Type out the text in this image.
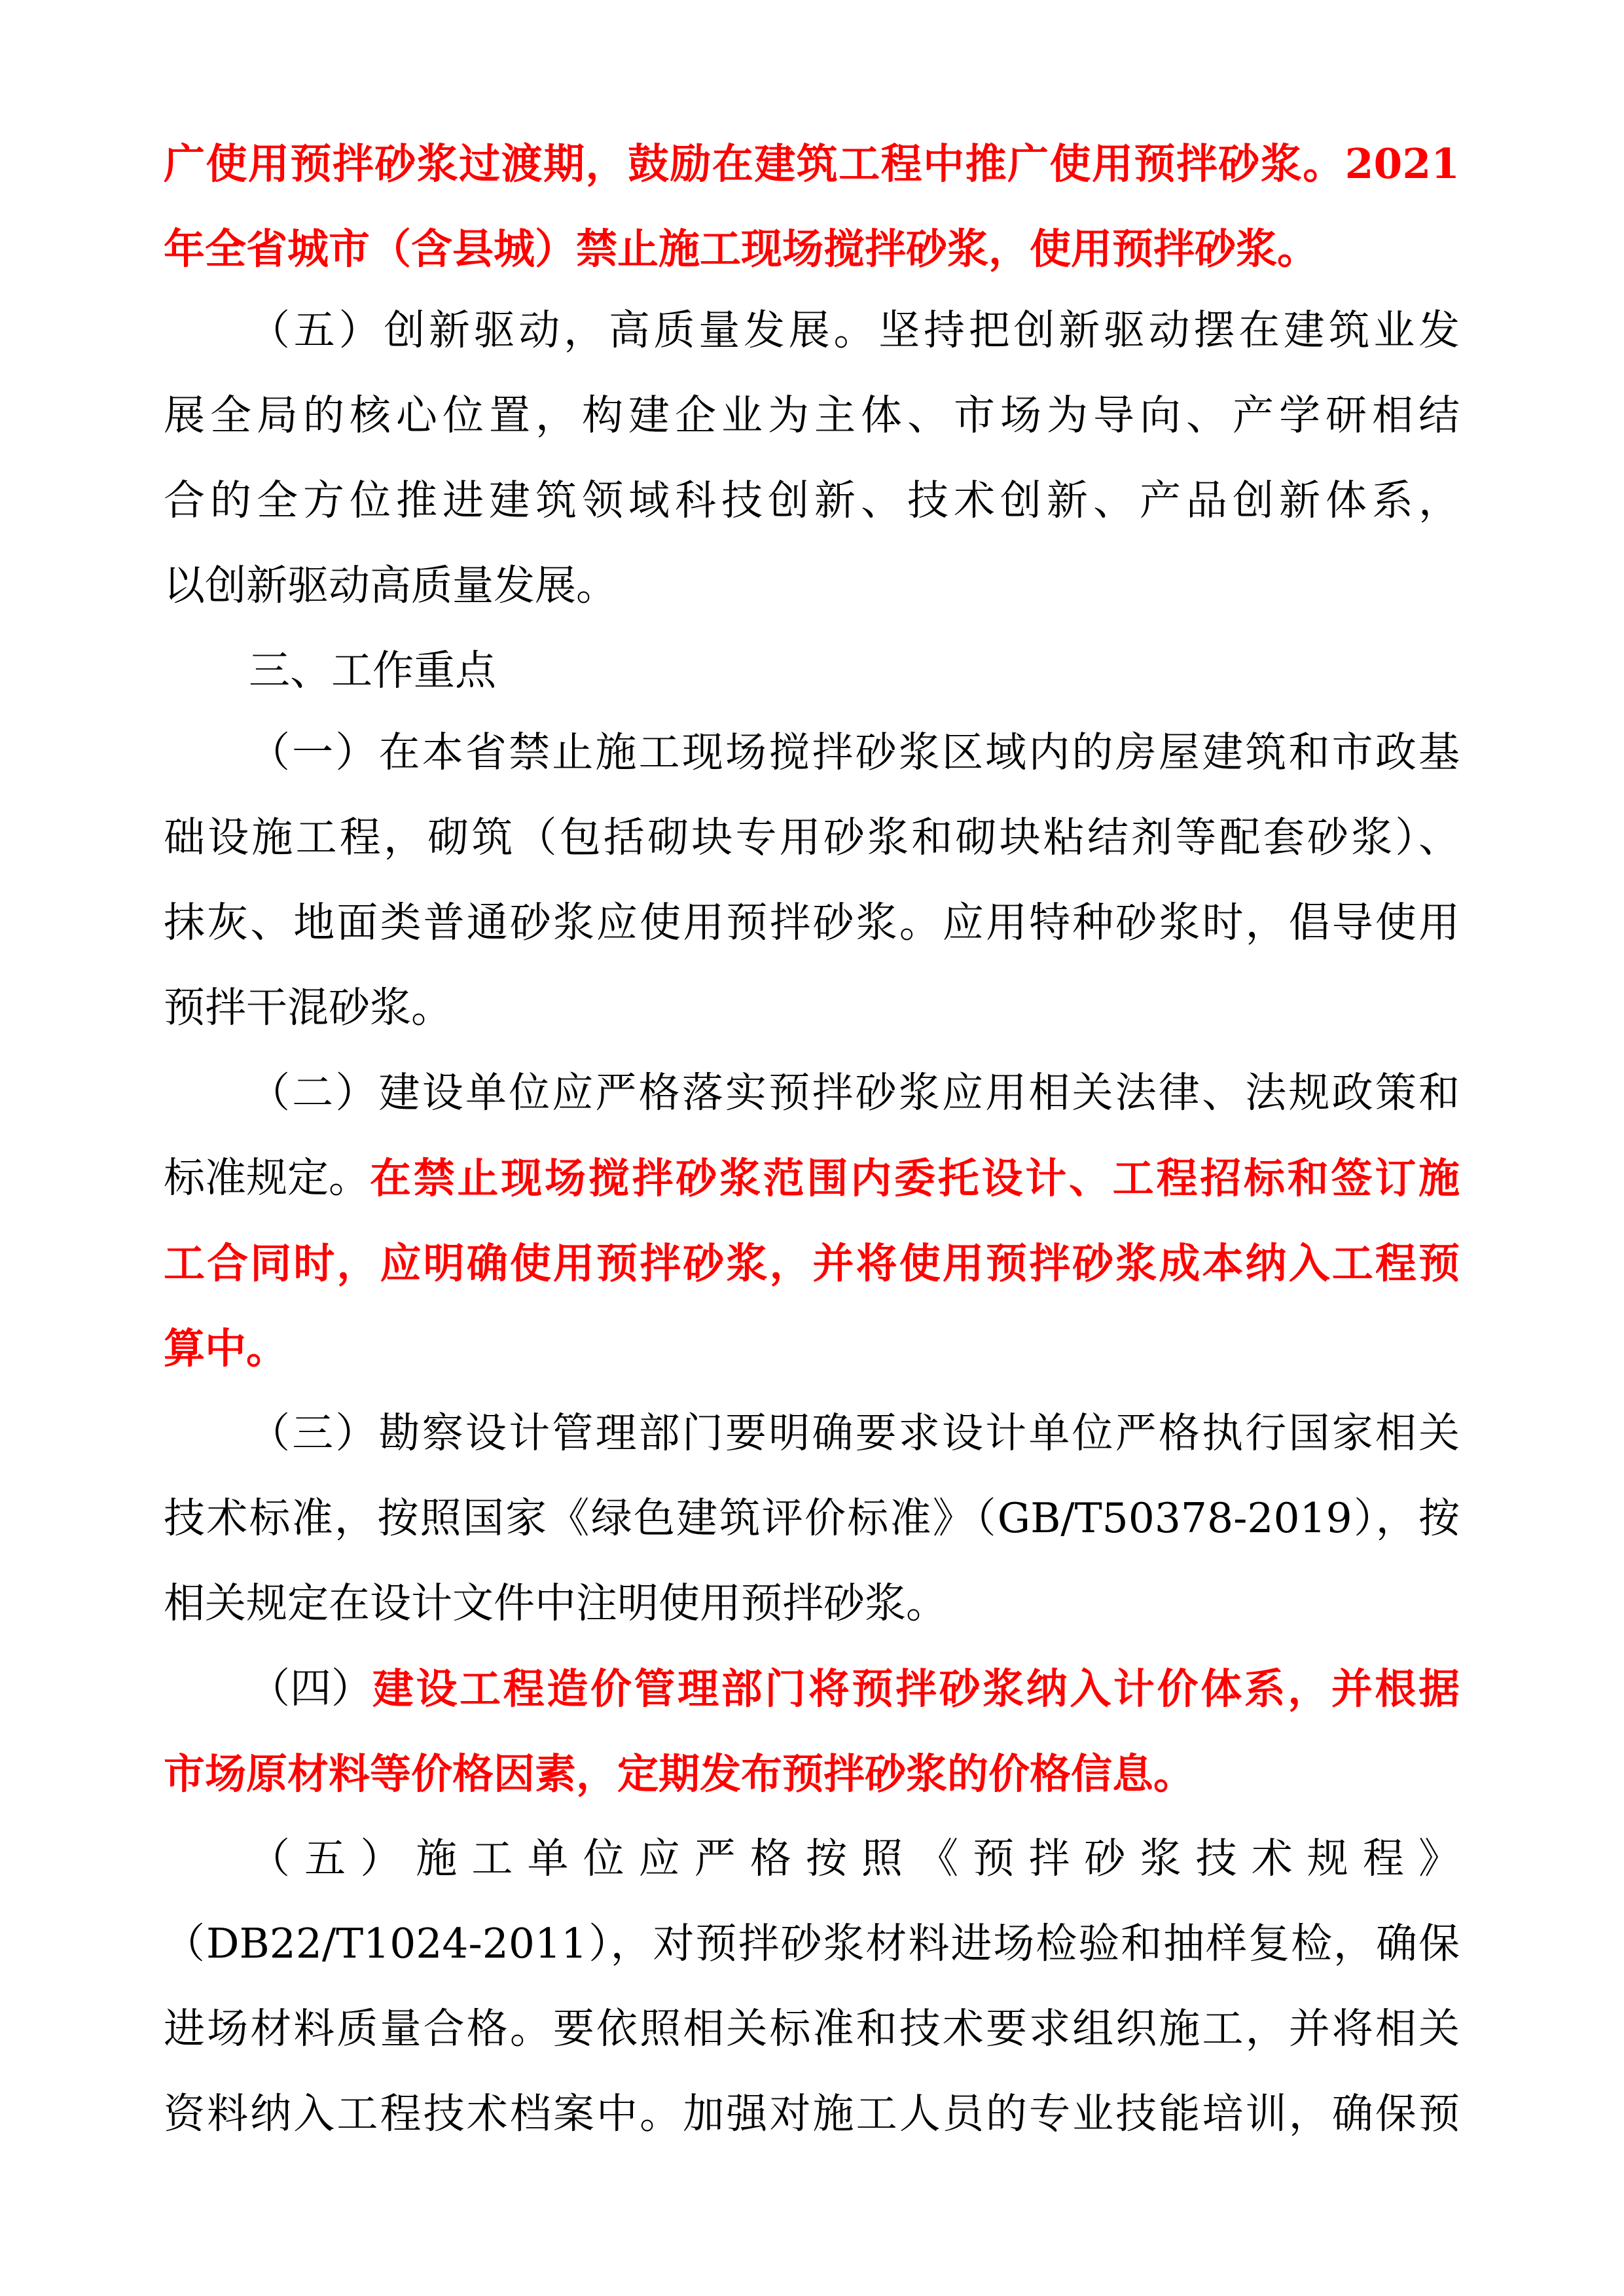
广使用预拌砂浆过渡期，鼓励在建筑工程中推广使用预拌砂浆。2021
年全省城市（含县城）禁止施工现场搅拌砂浆，使用预拌砂浆。
（五）创新驱动，高质量发展。坚持把创新驱动摆在建筑业发
展全局的核心位置，构建企业为主体、市场为导向、产学研相结
合的全方位推进建筑领域科技创新、技术创新、产品创新体系，
以创新驱动高质量发展。
三、工作重点
（一）在本省禁止施工现场搅拌砂浆区域内的房屋建筑和市政基
础设施工程，砌筑（包括砌块专用砂浆和砌块粘结剂等配套砂浆）、
抹灰、地面类普通砂浆应使用预拌砂浆。应用特种砂浆时，倡导使用
预拌干混砂浆。
（二）建设单位应严格落实预拌砂浆应用相关法律、法规政策和
标准规定。 在禁止现场搅拌砂浆范围内委托设计、工程招标和签订施
工合同时，应明确使用预拌砂浆，并将使用预拌砂浆成本纳入工程预
算中。
（三）勘察设计管理部门要明确要求设计单位严格执行国家相关
技术标准，按照国家《绿色建筑评价标准》（GB/T50378-2019），按
相关规定在设计文件中注明使用预拌砂浆。
（四） 建设工程造价管理部门将预拌砂浆纳入计价体系，并根据
市场原材料等价格因素，定期发布预拌砂浆的价格信息。
（五）施工单位应严格按照《预拌砂浆技术规程》
（DB22/T1024-2011），对预拌砂浆材料进场检验和抽样复检，确保
进场材料质量合格。要依照相关标准和技术要求组织施工，并将相关
资料纳入工程技术档案中。加强对施工人员的专业技能培训，确保预
